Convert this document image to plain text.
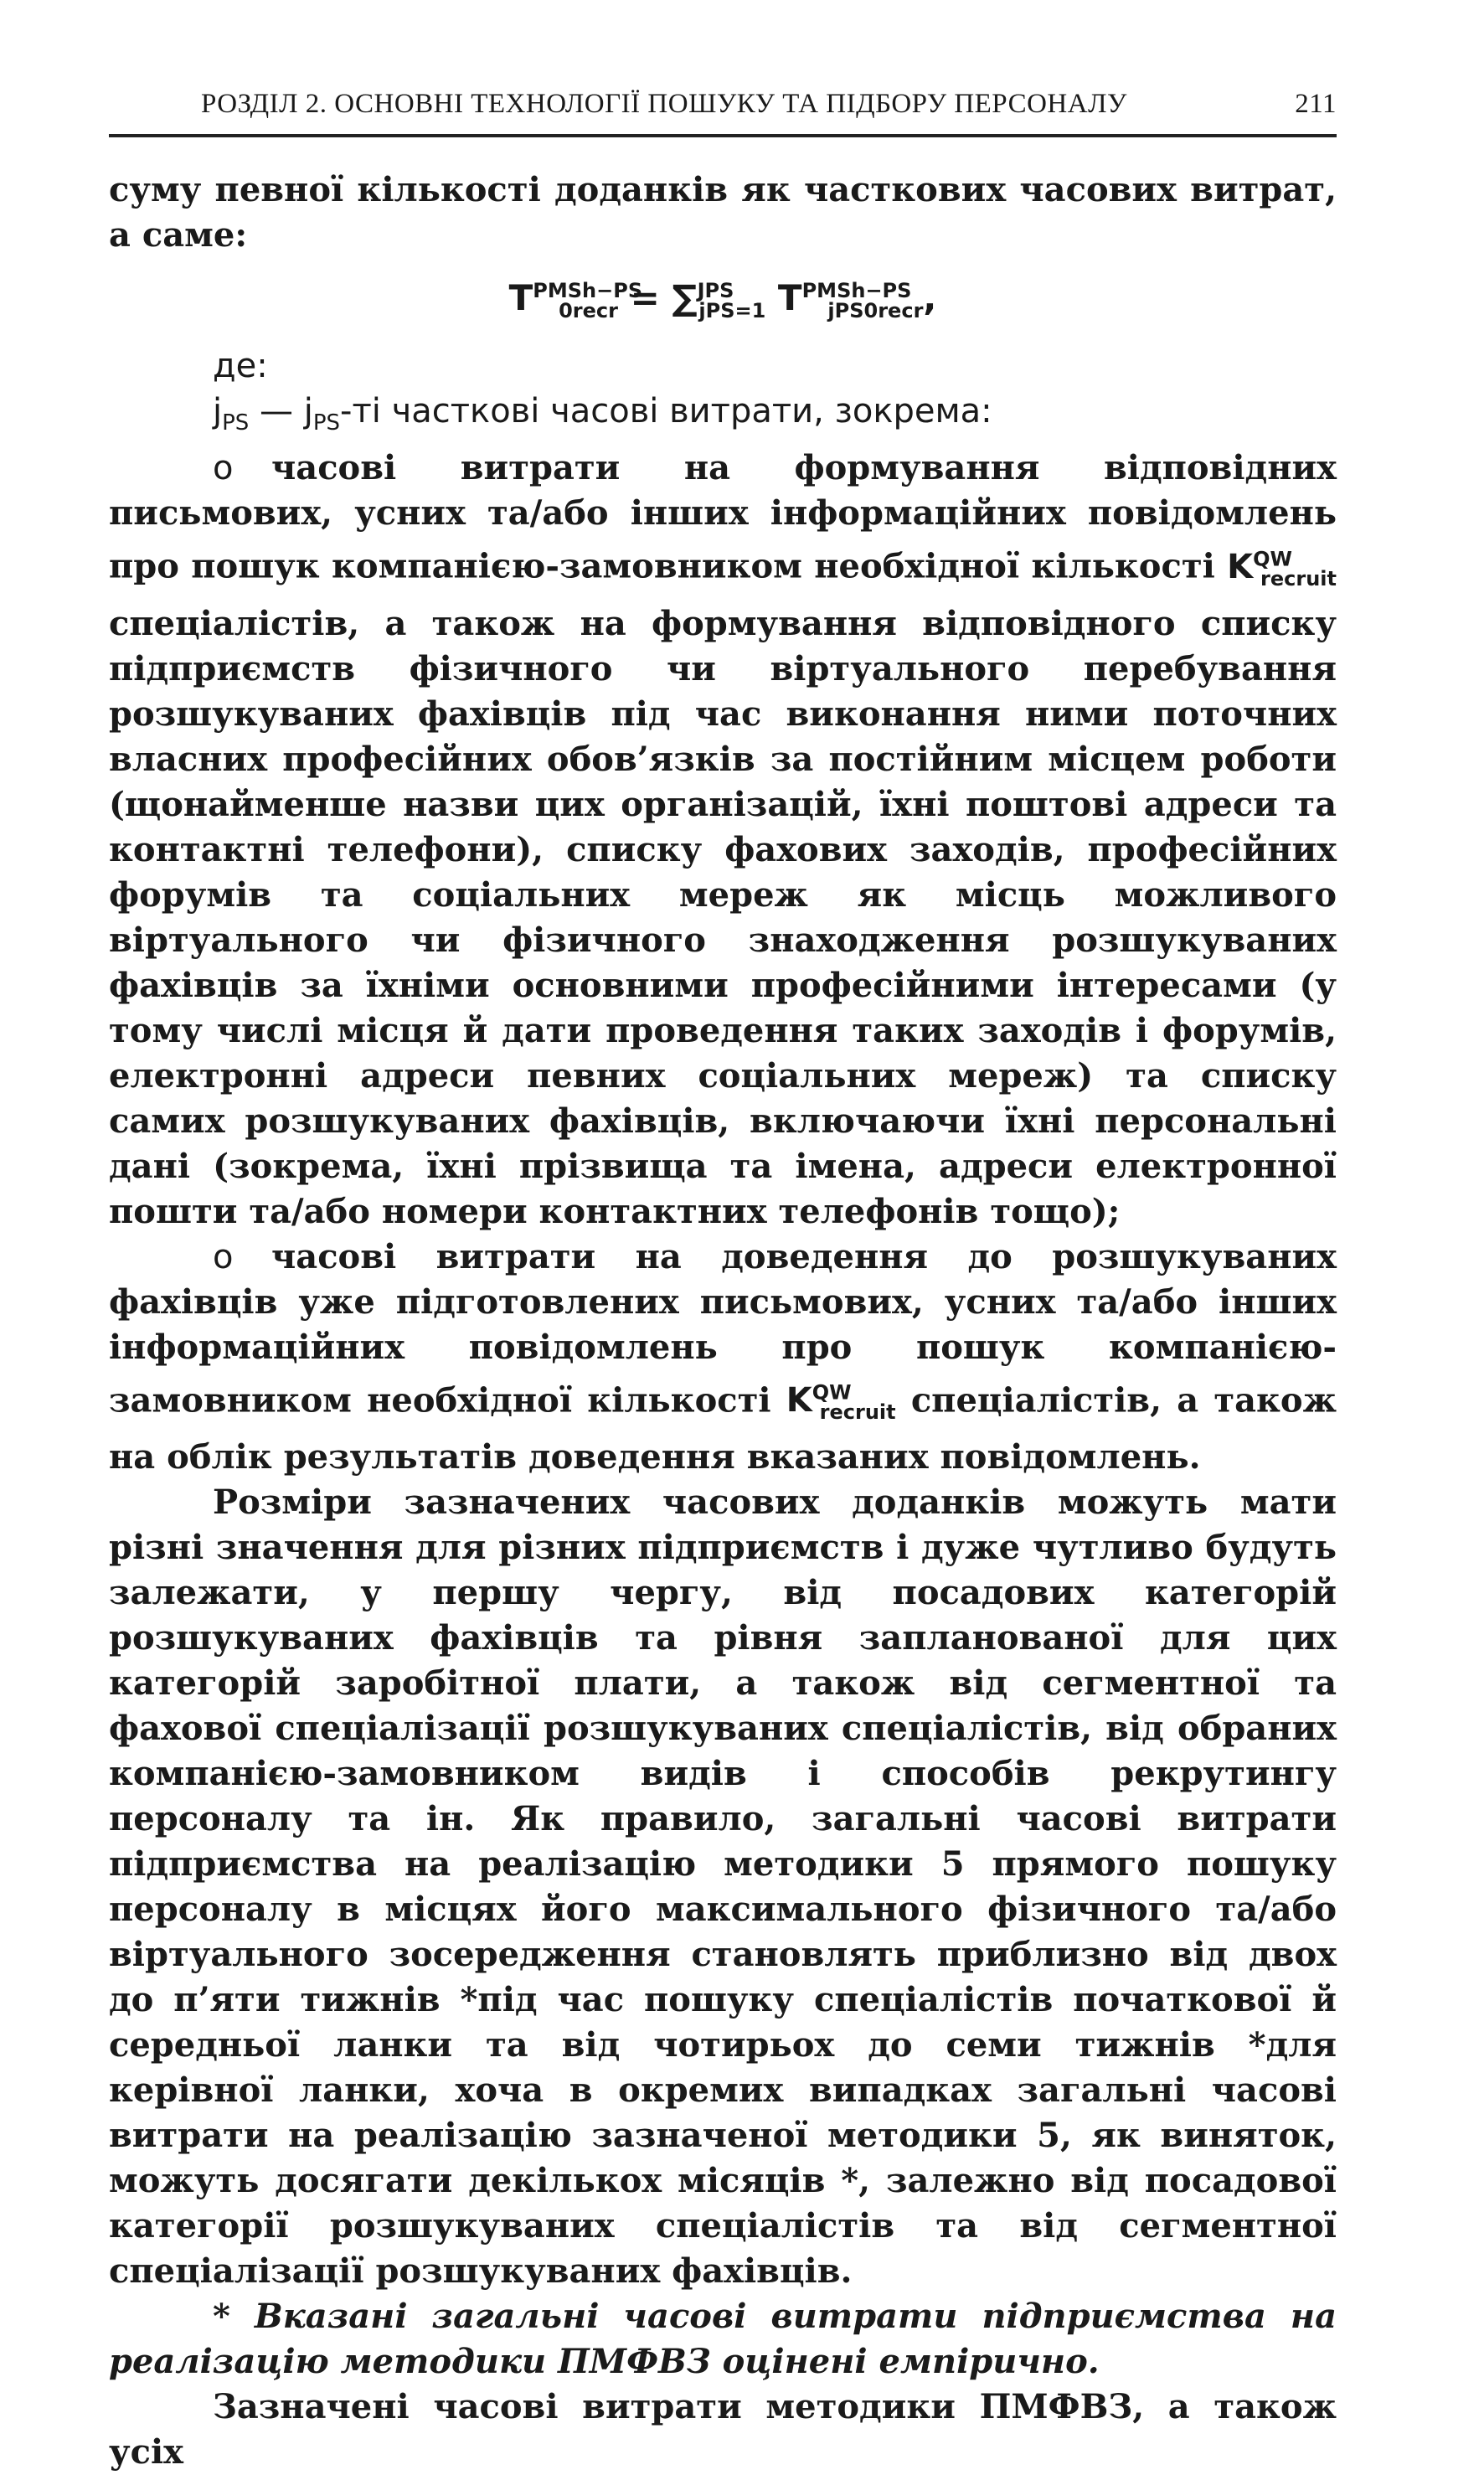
РОЗДІЛ 2. ОСНОВНІ ТЕХНОЛОГІЇ ПОШУКУ ТА ПІДБОРУ ПЕРСОНАЛУ	211

суму певної кількості доданків як часткових часових витрат, а саме:

$T^{PMSh-PS}_{0recr} = \sum^{JPS}_{jPS=1}$ $T^{PMSh-PS}_{jPS0recr}$,

де:

$j_{PS}$ — $j_{PS}-ті$ часткові часові витрати, зокрема:

o часові витрати на формування відповідних письмових, усних та/або інших інформаційних повідомлень про пошук компанією-замовником необхідної кількості $K^{QW}_{recruit}$ спеціалістів, а також на формування відповідного списку підприємств фізичного чи віртуального перебування розшукуваних фахівців під час виконання ними поточних власних професійних обов’язків за постійним місцем роботи (щонайменше назви цих організацій, їхні поштові адреси та контактні телефони), списку фахових заходів, професійних форумів та соціальних мереж як місць можливого віртуального чи фізичного знаходження розшукуваних фахівців за їхніми основними професійними інтересами (у тому числі місця й дати проведення таких заходів і форумів, електронні адреси певних соціальних мереж) та списку самих розшукуваних фахівців, включаючи їхні персональні дані (зокрема, їхні прізвища та імена, адреси електронної пошти та/або номери контактних телефонів тощо);

o часові витрати на доведення до розшукуваних фахівців уже підготовлених письмових, усних та/або інших інформаційних повідомлень про пошук компанією-замовником необхідної кількості $K^{QW}_{recruit}$ спеціалістів, а також на облік результатів доведення вказаних повідомлень.

Розміри зазначених часових доданків можуть мати різні значення для різних підприємств і дуже чутливо будуть залежати, у першу чергу, від посадових категорій розшукуваних фахівців та рівня запланованої для цих категорій заробітної плати, а також від сегментної та фахової спеціалізації розшукуваних спеціалістів, від обраних компанією-замовником видів і способів рекрутингу персоналу та ін. Як правило, загальні часові витрати підприємства на реалізацію методики 5 прямого пошуку персоналу в місцях його максимального фізичного та/або віртуального зосередження становлять приблизно від двох до п’яти тижнів *під час пошуку спеціалістів початкової й середньої ланки та від чотирьох до семи тижнів *для керівної ланки, хоча в окремих випадках загальні часові витрати на реалізацію зазначеної методики 5, як виняток, можуть досягати декількох місяців *, залежно від посадової категорії розшукуваних спеціалістів та від сегментної спеціалізації розшукуваних фахівців.

* Вказані загальні часові витрати підприємства на реалізацію методики ПМФВЗ оцінені емпірично.

Зазначені часові витрати методики ПМФВЗ, а також усіх
